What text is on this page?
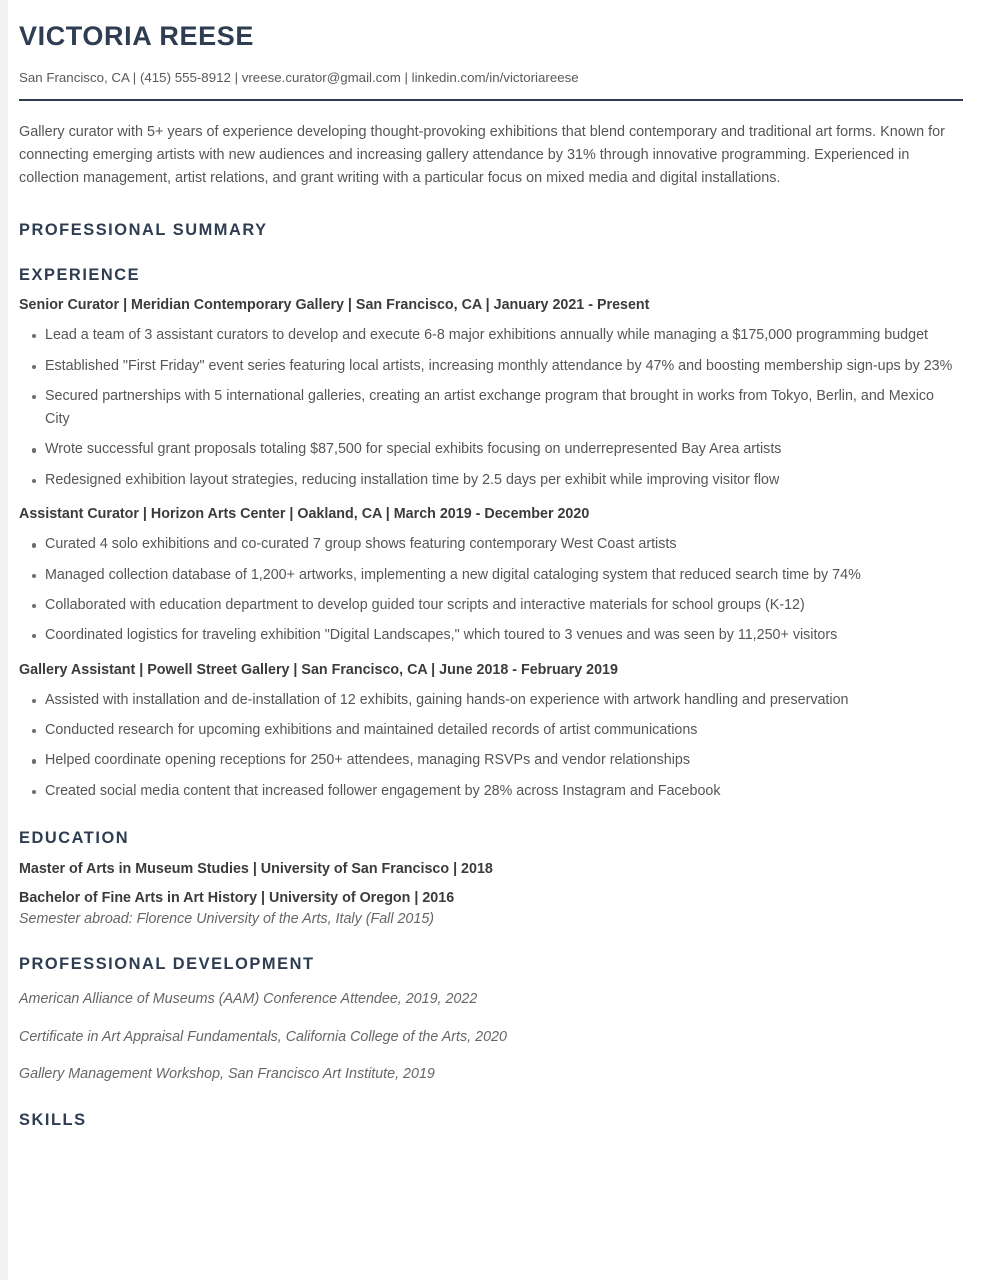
VICTORIA REESE
San Francisco, CA | (415) 555-8912 | vreese.curator@gmail.com | linkedin.com/in/victoriareese

Gallery curator with 5+ years of experience developing thought-provoking exhibitions that blend contemporary and traditional art forms. Known for connecting emerging artists with new audiences and increasing gallery attendance by 31% through innovative programming. Experienced in collection management, artist relations, and grant writing with a particular focus on mixed media and digital installations.

PROFESSIONAL SUMMARY
EXPERIENCE
Senior Curator | Meridian Contemporary Gallery | San Francisco, CA | January 2021 - Present
Lead a team of 3 assistant curators to develop and execute 6-8 major exhibitions annually while managing a $175,000 programming budget
Established "First Friday" event series featuring local artists, increasing monthly attendance by 47% and boosting membership sign-ups by 23%
Secured partnerships with 5 international galleries, creating an artist exchange program that brought in works from Tokyo, Berlin, and Mexico City
Wrote successful grant proposals totaling $87,500 for special exhibits focusing on underrepresented Bay Area artists
Redesigned exhibition layout strategies, reducing installation time by 2.5 days per exhibit while improving visitor flow
Assistant Curator | Horizon Arts Center | Oakland, CA | March 2019 - December 2020
Curated 4 solo exhibitions and co-curated 7 group shows featuring contemporary West Coast artists
Managed collection database of 1,200+ artworks, implementing a new digital cataloging system that reduced search time by 74%
Collaborated with education department to develop guided tour scripts and interactive materials for school groups (K-12)
Coordinated logistics for traveling exhibition "Digital Landscapes," which toured to 3 venues and was seen by 11,250+ visitors
Gallery Assistant | Powell Street Gallery | San Francisco, CA | June 2018 - February 2019
Assisted with installation and de-installation of 12 exhibits, gaining hands-on experience with artwork handling and preservation
Conducted research for upcoming exhibitions and maintained detailed records of artist communications
Helped coordinate opening receptions for 250+ attendees, managing RSVPs and vendor relationships
Created social media content that increased follower engagement by 28% across Instagram and Facebook
EDUCATION
Master of Arts in Museum Studies | University of San Francisco | 2018
Bachelor of Fine Arts in Art History | University of Oregon | 2016
Semester abroad: Florence University of the Arts, Italy (Fall 2015)
PROFESSIONAL DEVELOPMENT
American Alliance of Museums (AAM) Conference Attendee, 2019, 2022
Certificate in Art Appraisal Fundamentals, California College of the Arts, 2020
Gallery Management Workshop, San Francisco Art Institute, 2019
SKILLS
